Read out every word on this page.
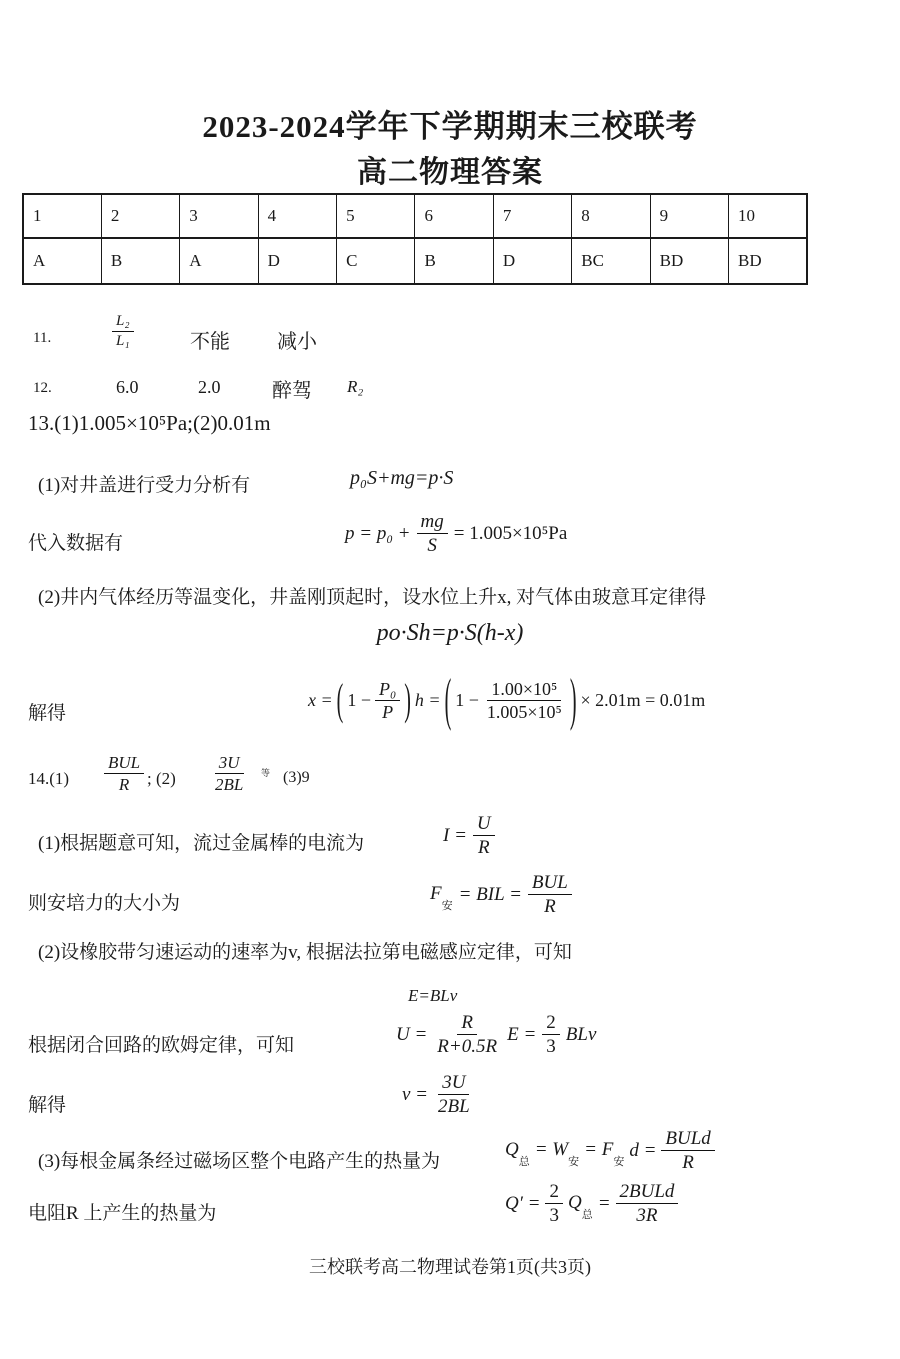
2023-2024学年下学期期末三校联考
高二物理答案
1	2	3	4	5	6	7	8	9	10
A	B	A	D	C	B	D	BC	BD	BD
11.	$\frac{\text{L₂}}{\text{L₁}}$	不能 减小
12.	6.0	2.0	醉驾 R₂
13.(1)1.005×10⁵Pa;(2)0.01m
(1)对井盖进行受力分析有	p₀S+mg=p·S
代入数据有	$p = p_0 + \frac{mg}{S} = 1.005\times 10^5Pa$
(2)井内气体经历等温变化，井盖刚顶起时，设水位上升x, 对气体由玻意耳定律得
po·Sh=p·S(h-x)
解得
x = ( $1 - \frac{\text{P₀}}{P}$ ) h = ( $1 - \frac{\text{1.00×10⁵}}{\text{1.005×10⁵}}$ ) × 2.01m = 0.01m
14.(1)
BUL
R ; $(2) \frac{3U}{2BL}$ 等 (3)9
(1)根据题意可知，流过金属棒的电流为	$I = \frac{U}{R}$
则安培力的大小为	$F_安$
= BIL = $\frac{\text{BUL}}{R}$
(2)设橡胶带匀速运动的速率为v, 根据法拉第电磁感应定律，可知
E=BLv
根据闭合回路的欧姆定律，可知
$U = \frac{R}{R+0.5R}$ $E = \frac{2}{3}$ BLv
解得
$v = \frac{3U}{2BL}$
(3)每根金属条经过磁场区整个电路产生的热量为
$Q_总$
= $W_安$
= $F_安$
$d = \frac{\text{BULd}}{R}$
电阻R 上产生的热量为	$Q' = \frac{2}{3} Q_总$
= $\frac{\text{2BULd}}{3R}$
三校联考高二物理试卷第1页(共3页)
